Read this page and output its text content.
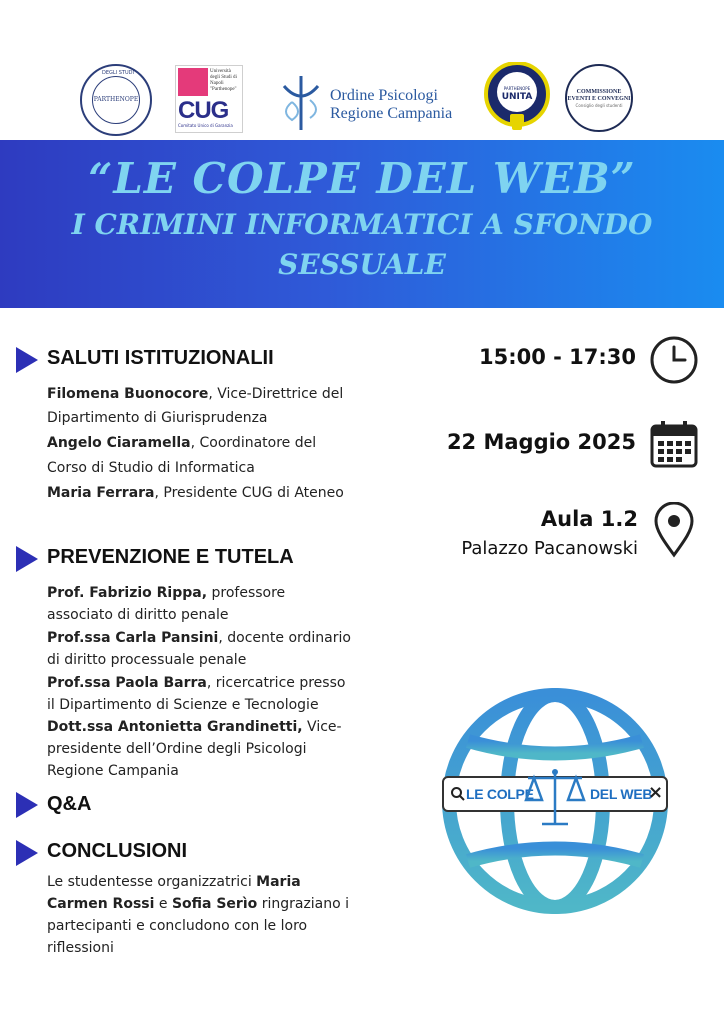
PARTHENOPE
DEGLI STUDI	Università degli Studi di Napoli "Parthenope"
CUG
Comitato Unico di Garanzia
Ordine Psicologi
Regione Campania
PARTHENOPE
UNITA
COMMISSIONE
EVENTI E CONVEGNI
Consiglio degli studenti
“LE COLPE DEL WEB”
I CRIMINI INFORMATICI A SFONDO
SESSUALE
SALUTI ISTITUZIONALII
Filomena Buonocore, Vice-Direttrice del
Dipartimento di Giurisprudenza
Angelo Ciaramella, Coordinatore del
Corso di Studio di Informatica
Maria Ferrara, Presidente CUG di Ateneo
PREVENZIONE E TUTELA
Prof. Fabrizio Rippa, professore
associato di diritto penale
Prof.ssa Carla Pansini, docente ordinario
di diritto processuale penale
Prof.ssa Paola Barra, ricercatrice presso
il Dipartimento di Scienze e Tecnologie
Dott.ssa Antonietta Grandinetti, Vice-
presidente dell’Ordine degli Psicologi
Regione Campania
Q&A
CONCLUSIONI
Le studentesse organizzatrici Maria
Carmen Rossi e Sofia Serìo ringraziano i
partecipanti e concludono con le loro
riflessioni
15:00 - 17:30
22 Maggio 2025
Aula 1.2
Palazzo Pacanowski
LE COLPE	DEL WEB
×
